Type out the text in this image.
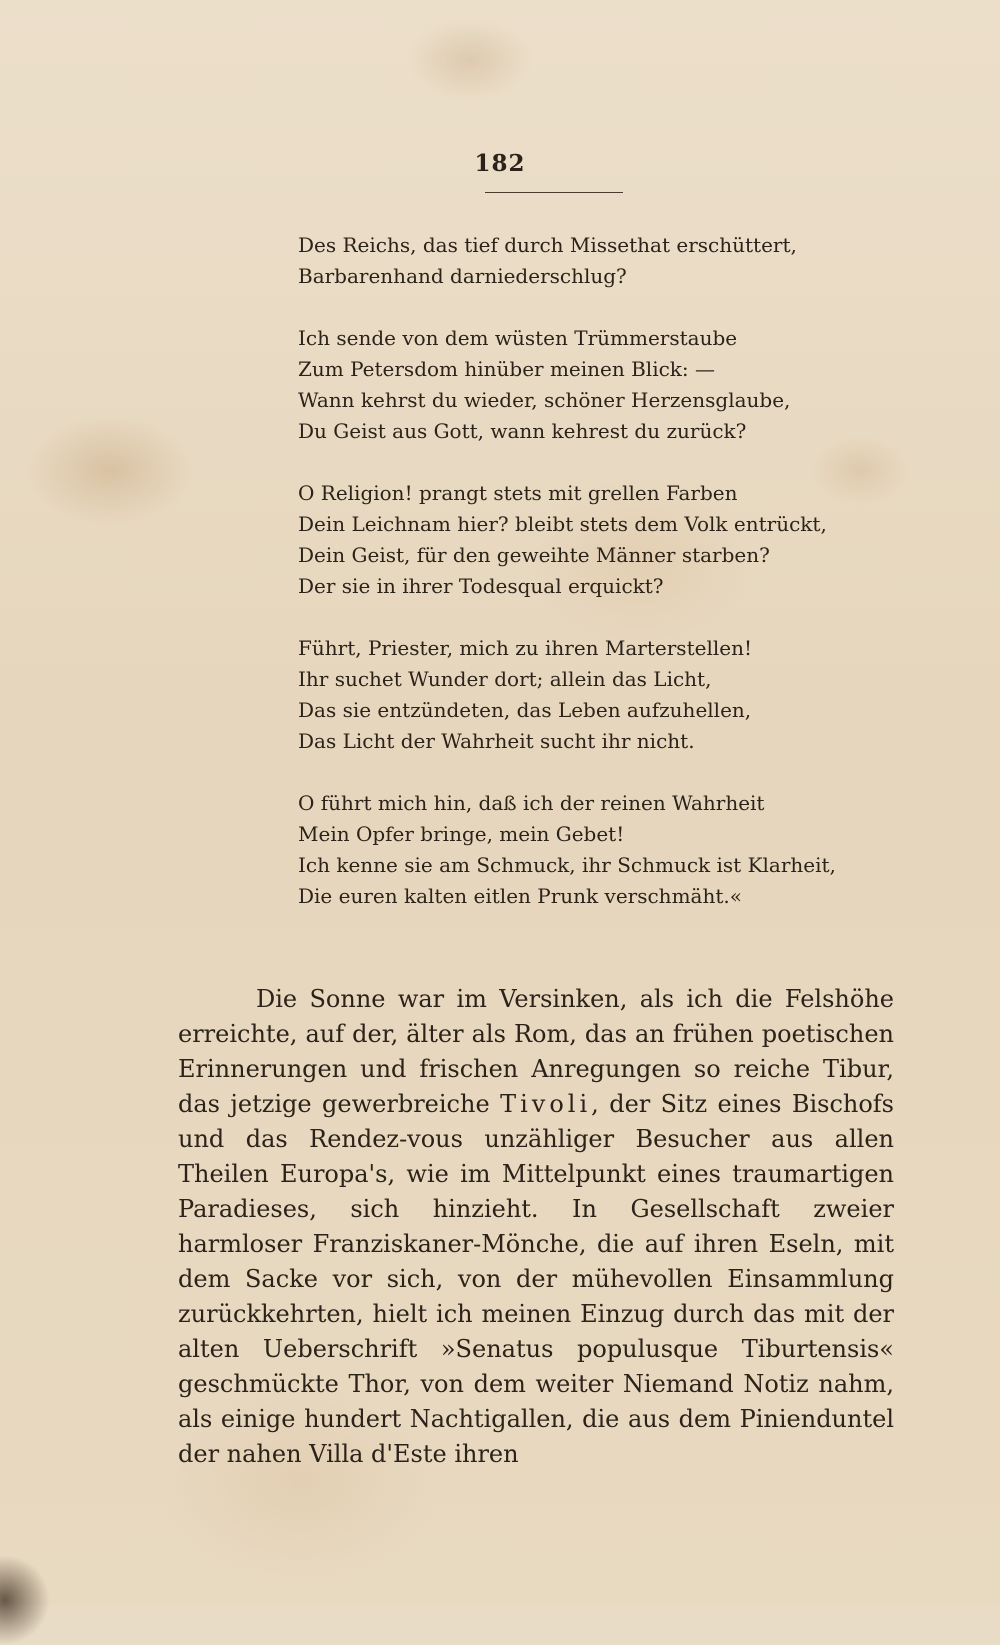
182
Des Reichs, das tief durch Missethat erschüttert,
Barbarenhand darniederschlug?
Ich sende von dem wüsten Trümmerstaube
Zum Petersdom hinüber meinen Blick: —
Wann kehrst du wieder, schöner Herzensglaube,
Du Geist aus Gott, wann kehrest du zurück?
O Religion! prangt stets mit grellen Farben
Dein Leichnam hier? bleibt stets dem Volk entrückt,
Dein Geist, für den geweihte Männer starben?
Der sie in ihrer Todesqual erquickt?
Führt, Priester, mich zu ihren Marterstellen!
Ihr suchet Wunder dort; allein das Licht,
Das sie entzündeten, das Leben aufzuhellen,
Das Licht der Wahrheit sucht ihr nicht.
O führt mich hin, daß ich der reinen Wahrheit
Mein Opfer bringe, mein Gebet!
Ich kenne sie am Schmuck, ihr Schmuck ist Klarheit,
Die euren kalten eitlen Prunk verschmäht.«

Die Sonne war im Versinken, als ich die Felshöhe erreichte, auf der, älter als Rom, das an frühen poetischen Erinnerungen und frischen Anregungen so reiche Tibur, das jetzige gewerbreiche Tivoli, der Sitz eines Bischofs und das Rendez-vous unzähliger Besucher aus allen Theilen Europa's, wie im Mittelpunkt eines traumartigen Paradieses, sich hinzieht. In Gesellschaft zweier harmloser Franziskaner-Mönche, die auf ihren Eseln, mit dem Sacke vor sich, von der mühevollen Einsammlung zurückkehrten, hielt ich meinen Einzug durch das mit der alten Ueberschrift »Senatus populusque Tiburtensis« geschmückte Thor, von dem weiter Niemand Notiz nahm, als einige hundert Nachtigallen, die aus dem Pinienduntel der nahen Villa d'Este ihren
